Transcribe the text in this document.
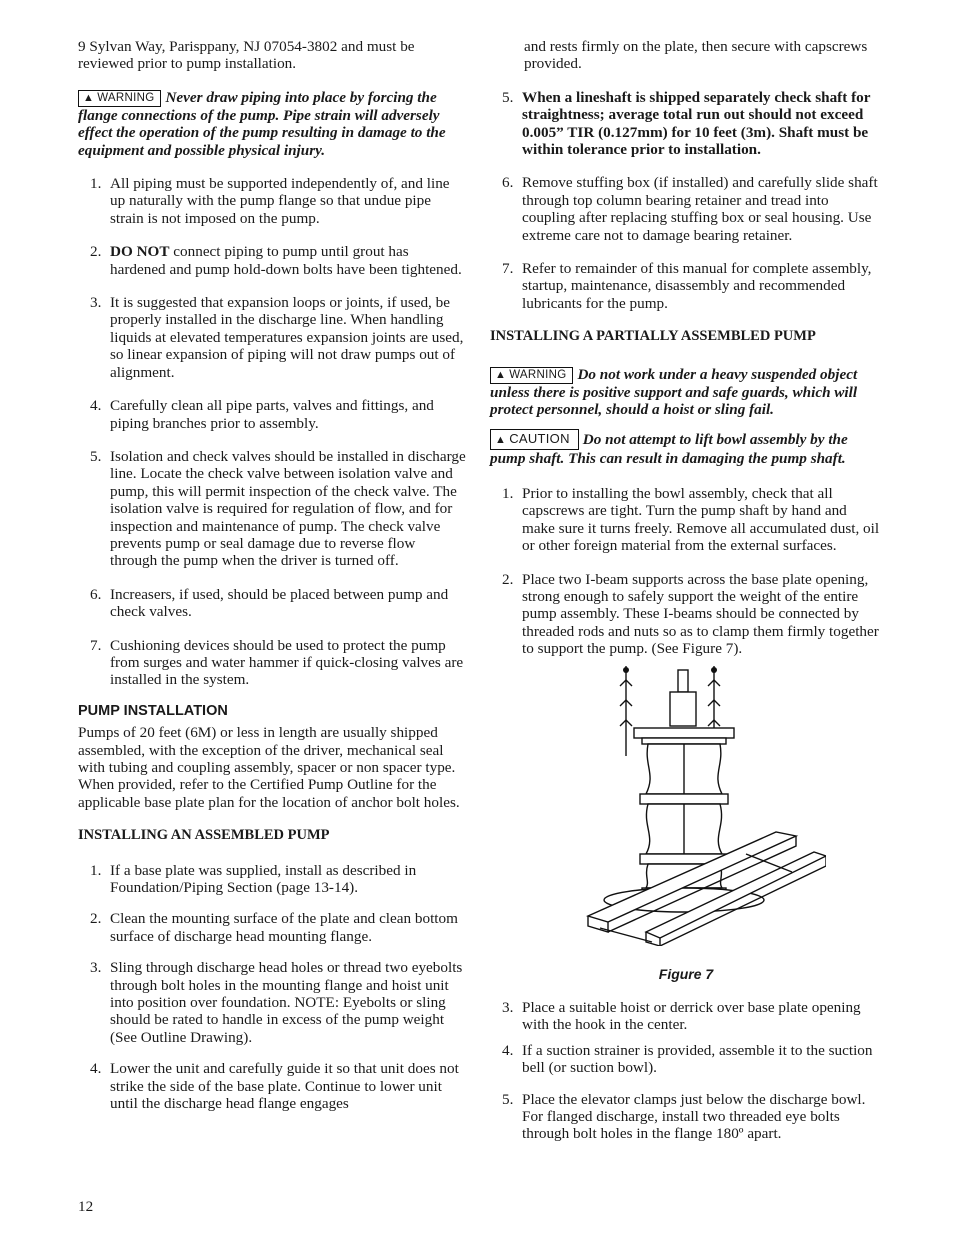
9 Sylvan Way, Parisppany, NJ 07054-3802 and must be reviewed prior to pump installation.

▲ WARNING Never draw piping into place by forcing the flange connections of the pump. Pipe strain will adversely effect the operation of the pump resulting in damage to the equipment and possible physical injury.

1. All piping must be supported independently of, and line up naturally with the pump flange so that undue pipe strain is not imposed on the pump.
2. DO NOT connect piping to pump until grout has hardened and pump hold-down bolts have been tightened.
3. It is suggested that expansion loops or joints, if used, be properly installed in the discharge line. When handling liquids at elevated temperatures expansion joints are used, so linear expansion of piping will not draw pumps out of alignment.
4. Carefully clean all pipe parts, valves and fittings, and piping branches prior to assembly.
5. Isolation and check valves should be installed in discharge line. Locate the check valve between isolation valve and pump, this will permit inspection of the check valve. The isolation valve is required for regulation of flow, and for inspection and maintenance of pump. The check valve prevents pump or seal damage due to reverse flow through the pump when the driver is turned off.
6. Increasers, if used, should be placed between pump and check valves.
7. Cushioning devices should be used to protect the pump from surges and water hammer if quick-closing valves are installed in the system.
PUMP INSTALLATION

Pumps of 20 feet (6M) or less in length are usually shipped assembled, with the exception of the driver, mechanical seal with tubing and coupling assembly, spacer or non spacer type. When provided, refer to the Certified Pump Outline for the applicable base plate plan for the location of anchor bolt holes.

INSTALLING AN ASSEMBLED PUMP
1. If a base plate was supplied, install as described in Foundation/Piping Section (page 13-14).
2. Clean the mounting surface of the plate and clean bottom surface of discharge head mounting flange.
3. Sling through discharge head holes or thread two eyebolts through bolt holes in the mounting flange and hoist unit into position over foundation. NOTE: Eyebolts or sling should be rated to handle in excess of the pump weight (See Outline Drawing).
4. Lower the unit and carefully guide it so that unit does not strike the side of the base plate. Continue to lower unit until the discharge head flange engages
12

and rests firmly on the plate, then secure with capscrews provided.

5. When a lineshaft is shipped separately check shaft for straightness; average total run out should not exceed 0.005” TIR (0.127mm) for 10 feet (3m). Shaft must be within tolerance prior to installation.
6. Remove stuffing box (if installed) and carefully slide shaft through top column bearing retainer and tread into coupling after replacing stuffing box or seal housing. Use extreme care not to damage bearing retainer.
7. Refer to remainder of this manual for complete assembly, startup, maintenance, disassembly and recommended lubricants for the pump.
INSTALLING A PARTIALLY ASSEMBLED PUMP

▲ WARNING Do not work under a heavy suspended object unless there is positive support and safe guards, which will protect personnel, should a hoist or sling fail.

▲ CAUTION Do not attempt to lift bowl assembly by the pump shaft. This can result in damaging the pump shaft.

1. Prior to installing the bowl assembly, check that all capscrews are tight. Turn the pump shaft by hand and make sure it turns freely. Remove all accumulated dust, oil or other foreign material from the external surfaces.
2. Place two I-beam supports across the base plate opening, strong enough to safely support the weight of the entire pump assembly. These I-beams should be connected by threaded rods and nuts so as to clamp them firmly together to support the pump. (See Figure 7).
Figure 7
3. Place a suitable hoist or derrick over base plate opening with the hook in the center.
4. If a suction strainer is provided, assemble it to the suction bell (or suction bowl).
5. Place the elevator clamps just below the discharge bowl. For flanged discharge, install two threaded eye bolts through bolt holes in the flange 180º apart.
